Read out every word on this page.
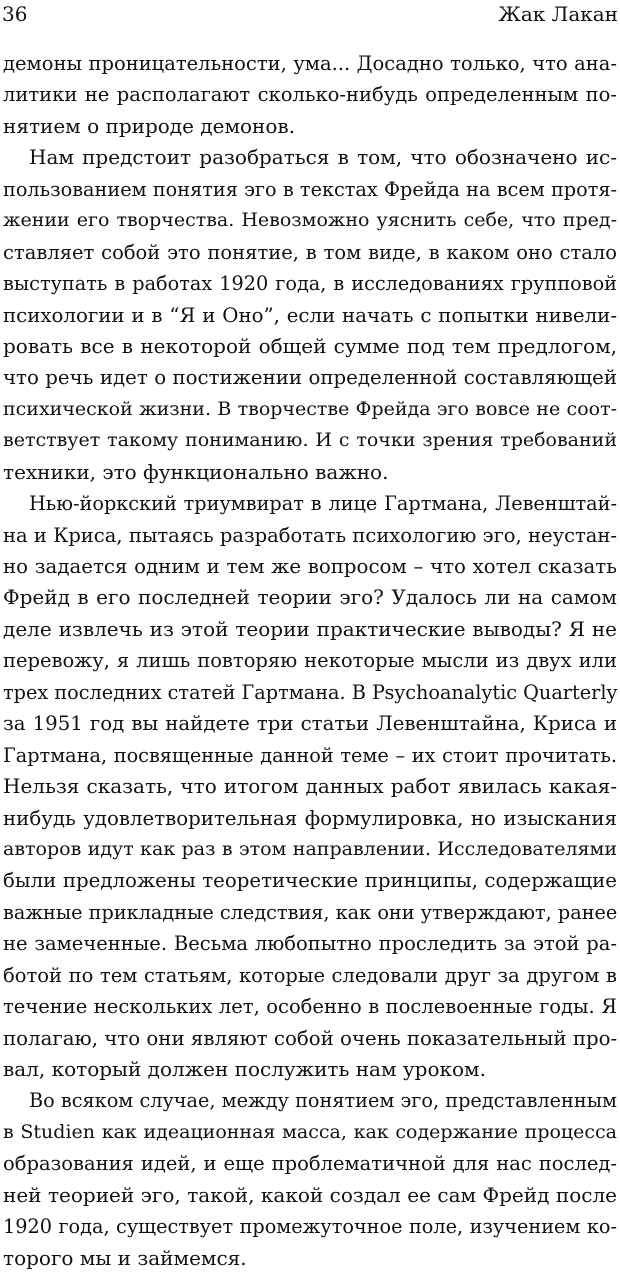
36	Жак Лакан
демоны проницательности, ума... Досадно только, что ана-
литики не располагают сколько-нибудь определенным по-
нятием о природе демонов.
Нам предстоит разобраться в том, что обозначено ис-
пользованием понятия эго в текстах Фрейда на всем протя-
жении его творчества. Невозможно уяснить себе, что пред-
ставляет собой это понятие, в том виде, в каком оно стало
выступать в работах 1920 года, в исследованиях групповой
психологии и в “Я и Оно”, если начать с попытки нивели-
ровать все в некоторой общей сумме под тем предлогом,
что речь идет о постижении определенной составляющей
психической жизни. В творчестве Фрейда эго вовсе не соот-
ветствует такому пониманию. И с точки зрения требований
техники, это функционально важно.
Нью-йоркский триумвират в лице Гартмана, Левенштай-
на и Криса, пытаясь разработать психологию эго, неустан-
но задается одним и тем же вопросом – что хотел сказать
Фрейд в его последней теории эго? Удалось ли на самом
деле извлечь из этой теории практические выводы? Я не
перевожу, я лишь повторяю некоторые мысли из двух или
трех последних статей Гартмана. В Psychoanalytic Quarterly
за 1951 год вы найдете три статьи Левенштайна, Криса и
Гартмана, посвященные данной теме – их стоит прочитать.
Нельзя сказать, что итогом данных работ явилась какая-
нибудь удовлетворительная формулировка, но изыскания
авторов идут как раз в этом направлении. Исследователями
были предложены теоретические принципы, содержащие
важные прикладные следствия, как они утверждают, ранее
не замеченные. Весьма любопытно проследить за этой ра-
ботой по тем статьям, которые следовали друг за другом в
течение нескольких лет, особенно в послевоенные годы. Я
полагаю, что они являют собой очень показательный про-
вал, который должен послужить нам уроком.
Во всяком случае, между понятием эго, представленным
в Studien как идеационная масса, как содержание процесса
образования идей, и еще проблематичной для нас послед-
ней теорией эго, такой, какой создал ее сам Фрейд после
1920 года, существует промежуточное поле, изучением ко-
торого мы и займемся.
